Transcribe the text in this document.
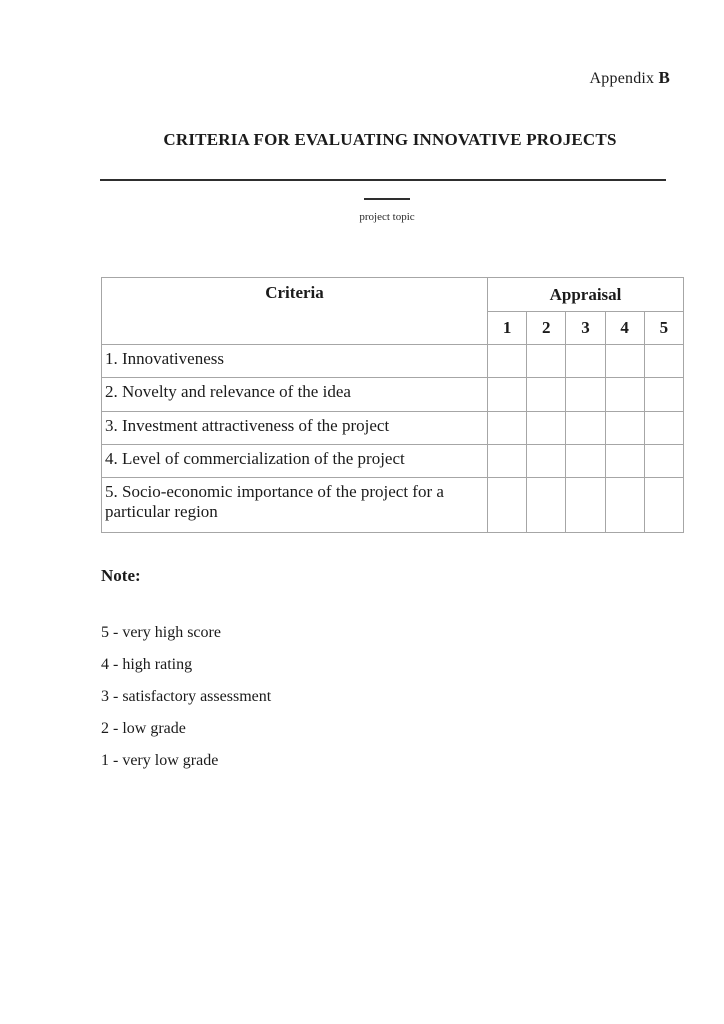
Appendix B
CRITERIA FOR EVALUATING INNOVATIVE PROJECTS
project topic
Criteria	Appraisal				
	1	2	3	4	5
1. Innovativeness					
2. Novelty and relevance of the idea					
3. Investment attractiveness of the project					
4. Level of commercialization of the project					
5. Socio-economic importance of the project for a particular region					
Note:
5 - very high score
4 - high rating
3 - satisfactory assessment
2 - low grade
1 - very low grade
